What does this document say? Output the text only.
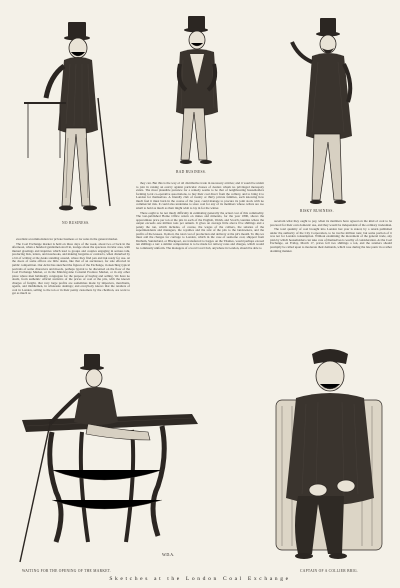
NO BUSINESS.
BAD BUSINESS.
RISKY BUSINESS.

excellent accommodation for private business or for sales in the general market.

The Coal Exchange market is held on three days of the week, about two o'clock in the afternoon, when a hundred gentlemen stroll in, lounge about the spacious circular area, with mutual greetings and inquiries which lead to groups and couples engaging in serious talk, producing lists, letters, and notebooks, and making bargains or contracts, when disturbed by a bit of writing at the desks standing around, where they find pen and ink ready for use. At the doors of some offices are little desks, like that of an auctioneer, for sale effected in public competition. Our Artist has sketched the figures of the Exchange, in sketching typical portraits of some characters and moods, perhaps typical to be discerned on the floor of the Coal Exchange Market, or in the Mincing-lane Colonial Produce Market, or in any other place where men habitually congregate for the purpose of buying and selling. We have no doubt, from authentic official statistics of the prices of coal at the pits, with the known charges of freight, that very large profits are sometimes made by importers, merchants, agents, and middlemen, in wholesale dealings; and everybody knows that the retailers of coal in London, selling to the ton or in their penny customers by the cheldron, are wont to get as much as

they can. But this is the way of all distributive trade in necessary articles; and it would be unfair to join in raising an outcry against particular classes of dealers whom no privileged monopoly exists. The most plausible pretence for a remedy seems to be that of neighbouring householders forming local co-operative associations, to buy their coal direct from the colliery, and to bring it to London for themselves. A friendly club of twenty or thirty private families, each knowing how much fuel it must burn in the course of the year, could manage to procure its joint stock with no commercial risk. It could also undertake to store coal for any of its members whose cellars are too small to hold as much as their might wish to lay in for the winter.

There ought to be not much difficulty in estimating generally the actual cost of this commodity. The last-published Home Office return on mines and minerals, for the year 1890, shows the approximate price per ton at the pits in each of the English, Welsh, and Scotch counties where the output exceeds one million tons per annum. It gives an average little above five shillings and a penny the ton, which includes, of course, the wages of the colliers, the salaries of the superintendents and managers, the royalties and the rent of the pits to the landowners, and the profits of the lessees. In short, the total cost of production and delivery at the pit's mouth. To this we must add the charges for carriage to London, which in the case of seaborne coal, shipped from Durham, Sunderland, or Blackpool, are transferred to barges on the Thames, would perhaps exceed ten shillings a ton: a similar computation is to be made for railway rates and charges, which would be commonly uniform. The managers of a local Coal Club, anywhere in London, should be able to

ascertain what they ought to pay, when its members have agreed on the kind of coal to be procured for their own domestic use, and they would be independent of the ordinary tradesman.

The total quantity of coal brought into London last year is stated, by a return published under the authority of the City Corporation, to be twelve million tons; but some portion of it was not for London consumption. Without examining the movement of the general trade, any plan by which householders can take care of themselves is worthy of consideration. At the Coal Exchange, on Friday, March 17, prices fell two shillings a ton, and the retailers should promptly be called upon to moderate their demands, which rose during the late panic in a rather alarming manner.

W.D.A.
WAITING FOR THE OPENING OF THE MARKET.	CAPTAIN OF A COLLIER BRIG.
Sketches at the London Coal Exchange
